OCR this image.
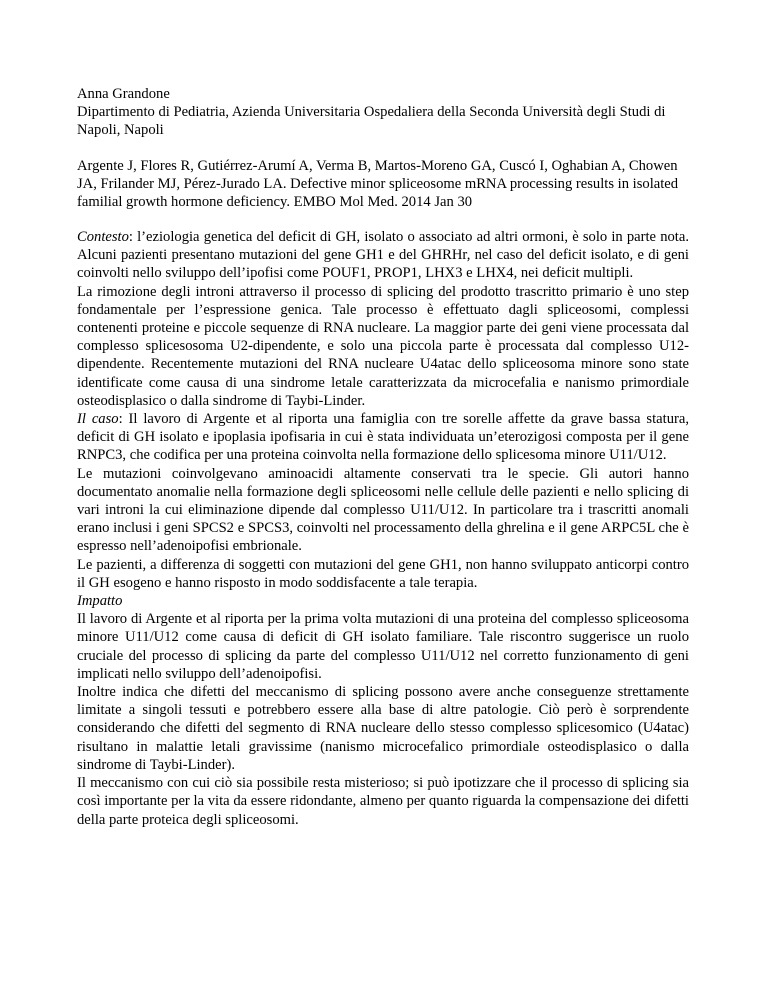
Anna Grandone

Dipartimento di Pediatria, Azienda Universitaria Ospedaliera della Seconda Università degli Studi di Napoli, Napoli

Argente J, Flores R, Gutiérrez-Arumí A, Verma B, Martos-Moreno GA, Cuscó I, Oghabian A, Chowen JA, Frilander MJ, Pérez-Jurado LA. Defective minor spliceosome mRNA processing results in isolated familial growth hormone deficiency. EMBO Mol Med. 2014 Jan 30

Contesto: l’eziologia genetica del deficit di GH, isolato o associato ad altri ormoni, è solo in parte nota. Alcuni pazienti presentano mutazioni del gene GH1 e del GHRHr, nel caso del deficit isolato, e di geni coinvolti nello sviluppo dell’ipofisi come POUF1, PROP1, LHX3 e LHX4, nei deficit multipli.

La rimozione degli introni attraverso il processo di splicing del prodotto trascritto primario è uno step fondamentale per l’espressione genica. Tale processo è effettuato dagli spliceosomi, complessi contenenti proteine e piccole sequenze di RNA nucleare. La maggior parte dei geni viene processata dal complesso splicesosoma U2-dipendente, e solo una piccola parte è processata dal complesso U12-dipendente. Recentemente mutazioni del RNA nucleare U4atac dello spliceosoma minore sono state identificate come causa di una sindrome letale caratterizzata da microcefalia e nanismo primordiale osteodisplasico o dalla sindrome di Taybi-Linder.

Il caso: Il lavoro di Argente et al riporta una famiglia con tre sorelle affette da grave bassa statura, deficit di GH isolato e ipoplasia ipofisaria in cui è stata individuata un’eterozigosi composta per il gene RNPC3, che codifica per una proteina coinvolta nella formazione dello splicesoma minore U11/U12.

Le mutazioni coinvolgevano aminoacidi altamente conservati tra le specie. Gli autori hanno documentato anomalie nella formazione degli spliceosomi nelle cellule delle pazienti e nello splicing di vari introni la cui eliminazione dipende dal complesso U11/U12. In particolare tra i trascritti anomali erano inclusi i geni SPCS2 e SPCS3, coinvolti nel processamento della ghrelina e il gene ARPC5L che è espresso nell’adenoipofisi embrionale.

Le pazienti, a differenza di soggetti con mutazioni del gene GH1, non hanno sviluppato anticorpi contro il GH esogeno e hanno risposto in modo soddisfacente a tale terapia.

Impatto

Il lavoro di Argente et al riporta per la prima volta mutazioni di una proteina del complesso spliceosoma minore U11/U12 come causa di deficit di GH isolato familiare. Tale riscontro suggerisce un ruolo cruciale del processo di splicing da parte del complesso U11/U12 nel corretto funzionamento di geni implicati nello sviluppo dell’adenoipofisi.

Inoltre indica che difetti del meccanismo di splicing possono avere anche conseguenze strettamente limitate a singoli tessuti e potrebbero essere alla base di altre patologie. Ciò però è sorprendente considerando che difetti del segmento di RNA nucleare dello stesso complesso splicesomico (U4atac) risultano in malattie letali gravissime (nanismo microcefalico primordiale osteodisplasico o dalla sindrome di Taybi-Linder).

Il meccanismo con cui ciò sia possibile resta misterioso; si può ipotizzare che il processo di splicing sia così importante per la vita da essere ridondante, almeno per quanto riguarda la compensazione dei difetti della parte proteica degli spliceosomi.
